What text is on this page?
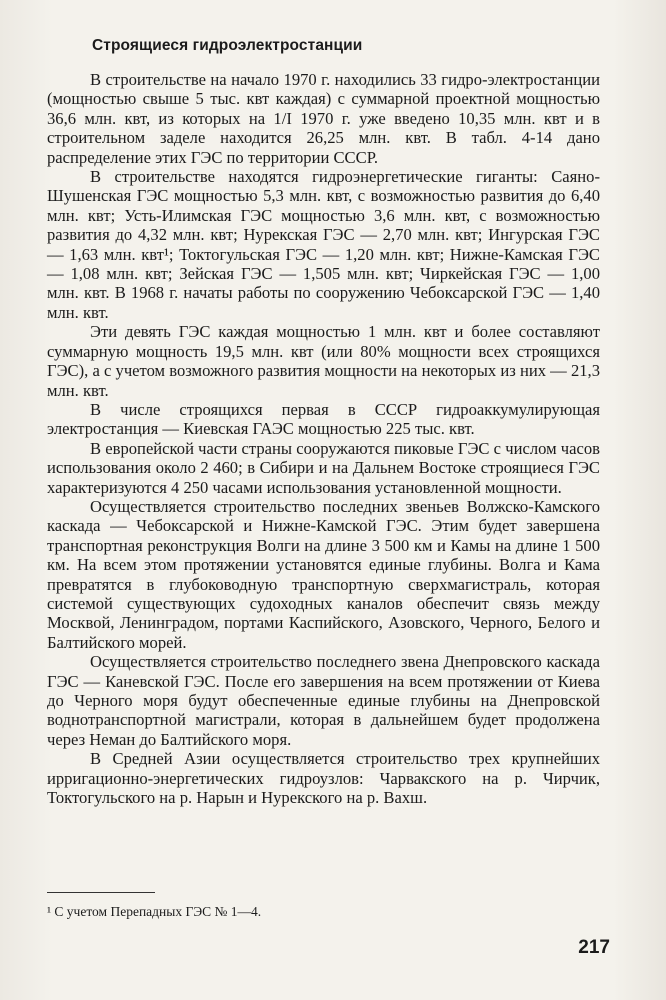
Строящиеся гидроэлектростанции

В строительстве на начало 1970 г. находились 33 гидро-электростанции (мощностью свыше 5 тыс. квт каждая) с суммарной проектной мощностью 36,6 млн. квт, из которых на 1/I 1970 г. уже введено 10,35 млн. квт и в строительном заделе находится 26,25 млн. квт. В табл. 4-14 дано распределение этих ГЭС по территории СССР.

В строительстве находятся гидроэнергетические гиганты: Саяно-Шушенская ГЭС мощностью 5,3 млн. квт, с возможностью развития до 6,40 млн. квт; Усть-Илимская ГЭС мощностью 3,6 млн. квт, с возможностью развития до 4,32 млн. квт; Нурекская ГЭС — 2,70 млн. квт; Ингурская ГЭС — 1,63 млн. квт¹; Токтогульская ГЭС — 1,20 млн. квт; Нижне-Камская ГЭС — 1,08 млн. квт; Зейская ГЭС — 1,505 млн. квт; Чиркейская ГЭС — 1,00 млн. квт. В 1968 г. начаты работы по сооружению Чебоксарской ГЭС — 1,40 млн. квт.

Эти девять ГЭС каждая мощностью 1 млн. квт и более составляют суммарную мощность 19,5 млн. квт (или 80% мощности всех строящихся ГЭС), а с учетом возможного развития мощности на некоторых из них — 21,3 млн. квт.

В числе строящихся первая в СССР гидроаккумулирующая электростанция — Киевская ГАЭС мощностью 225 тыс. квт.

В европейской части страны сооружаются пиковые ГЭС с числом часов использования около 2 460; в Сибири и на Дальнем Востоке строящиеся ГЭС характеризуются 4 250 часами использования установленной мощности.

Осуществляется строительство последних звеньев Волжско-Камского каскада — Чебоксарской и Нижне-Камской ГЭС. Этим будет завершена транспортная реконструкция Волги на длине 3 500 км и Камы на длине 1 500 км. На всем этом протяжении установятся единые глубины. Волга и Кама превратятся в глубоководную транспортную сверхмагистраль, которая системой существующих судоходных каналов обеспечит связь между Москвой, Ленинградом, портами Каспийского, Азовского, Черного, Белого и Балтийского морей.

Осуществляется строительство последнего звена Днепровского каскада ГЭС — Каневской ГЭС. После его завершения на всем протяжении от Киева до Черного моря будут обеспеченные единые глубины на Днепровской воднотранспортной магистрали, которая в дальнейшем будет продолжена через Неман до Балтийского моря.

В Средней Азии осуществляется строительство трех крупнейших ирригационно-энергетических гидроузлов: Чарвакского на р. Чирчик, Токтогульского на р. Нарын и Нурекского на р. Вахш.

¹ С учетом Перепадных ГЭС № 1—4.
217
